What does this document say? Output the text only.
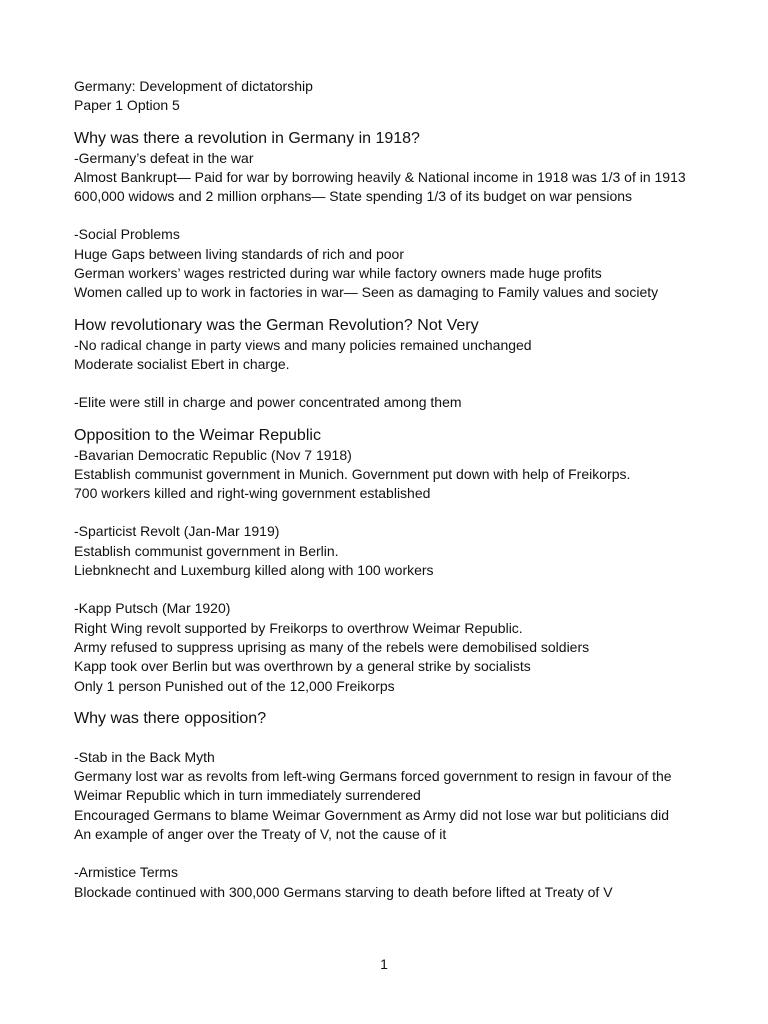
Germany: Development of dictatorship

Paper 1 Option 5

Why was there a revolution in Germany in 1918?

-Germany’s defeat in the war

Almost Bankrupt— Paid for war by borrowing heavily & National income in 1918 was 1/3 of in 1913

600,000 widows and 2 million orphans— State spending 1/3 of its budget on war pensions

-Social Problems

Huge Gaps between living standards of rich and poor

German workers’ wages restricted during war while factory owners made huge profits

Women called up to work in factories in war— Seen as damaging to Family values and society

How revolutionary was the German Revolution? Not Very

-No radical change in party views and many policies remained unchanged

Moderate socialist Ebert in charge.

-Elite were still in charge and power concentrated among them

Opposition to the Weimar Republic

-Bavarian Democratic Republic (Nov 7 1918)

Establish communist government in Munich. Government put down with help of Freikorps.

700 workers killed and right-wing government established

-Sparticist Revolt (Jan-Mar 1919)

Establish communist government in Berlin.

Liebnknecht and Luxemburg killed along with 100 workers

-Kapp Putsch (Mar 1920)

Right Wing revolt supported by Freikorps to overthrow Weimar Republic.

Army refused to suppress uprising as many of the rebels were demobilised soldiers

Kapp took over Berlin but was overthrown by a general strike by socialists

Only 1 person Punished out of the 12,000 Freikorps

Why was there opposition?

-Stab in the Back Myth

Germany lost war as revolts from left-wing Germans forced government to resign in favour of the

Weimar Republic which in turn immediately surrendered

Encouraged Germans to blame Weimar Government as Army did not lose war but politicians did

An example of anger over the Treaty of V, not the cause of it

-Armistice Terms

Blockade continued with 300,000 Germans starving to death before lifted at Treaty of V

1
